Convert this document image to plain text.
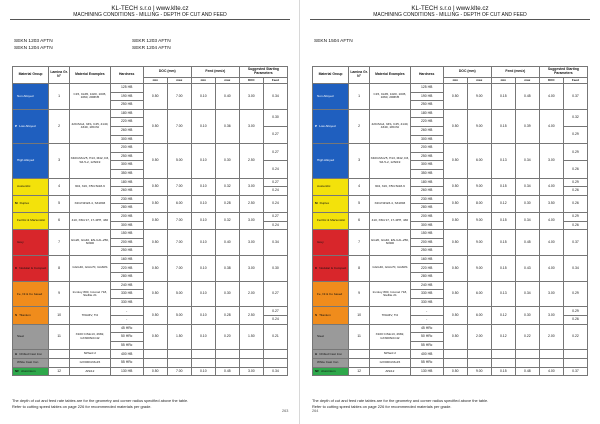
KL-TECH s.r.o | www.klte.cz
MACHINING CONDITIONS - MILLING - DEPTH OF CUT AND FEED
SEKN 1203 AFTN
SEKN 1204 AFTN
SEKR 1203 AFTN
SEKR 1204 AFTN
Material Group	Lamina Gr. N°	Material Examples	Hardness	DOC (mm)		Feed (mm/z)		Suggested Starting Parameters	
				min	max	min	max	DOC	Feed
Non Alloyed	1	C15, Ck45, 1020, 1045, 1060, 20MN5	125 HB	0.50	7.00	0.10	0.40	3.00	0.34
			190 HB						
			250 HB						
P Low Alloyed	2	42CrMo4, 34S, C45, 4140, 4340, 18CrNi	180 HB	0.50	7.00	0.10	0.36	3.00	0.30
			220 HB						
			260 HB						0.27
			300 HB						
High Alloyed	3	X40CrMoV5, H13, M42, D3, S6-5-2, 12NI19	200 HB	0.50	5.00	0.10	0.30	2.50	0.27
			250 HB						
			300 HB						0.24
			350 HB						
Austenitic	4	304, 316, X5CrNi18-9	180 HB	0.50	7.00	0.10	0.32	3.00	0.27
			260 HB						0.24
M Duplex	5	X2CrNiN23-4, S31803	230 HB	0.50	6.00	0.10	0.28	2.50	0.24
			280 HB						
Ferritic & Martensitic	6	410, X6Cr17, 17-4PH, 430	200 HB	0.50	7.00	0.10	0.32	3.00	0.27
			300 HB						0.24
Grey	7	GG20, GG40, EN-GJL-250, NI300	150 HB	0.50	7.00	0.10	0.40	3.00	0.34
			200 HB						
			250 HB						
K Nodular & Compact	8	GGG40, GGG70, GG60S	160 HB	0.50	7.00	0.10	0.38	3.00	0.30
			220 HB						
			280 HB						
Fe, Ni & Co based	9	Incoloy 800, Inconel 718, Stellite 21	240 HB	0.50	5.00	0.10	0.30	2.00	0.27
			330 HB						
			330 HB						
S Titanium	10	Ti6Al4V, Ti4	-	0.50	5.00	0.10	0.28	2.50	0.27
			-						0.24
Steel	11	X100 CrMo13, 4682, GX300NiCr42	45 HRc	0.50	1.50	0.10	0.20	1.50	0.21
			50 HRc						
			55 HRc						
H Chilled Cast Iron		NiHard 2	400 HB						
White Cast Iron		GX300CrMo15	55 HRc						
NF Aluminium	12	AlSi12	130 HB	0.50	7.00	0.10	0.45	3.00	0.34
The depth of cut and feed rate tables are for the geometry and corner radius specified above the table.
Refer to cutting speed tables on page 226 for recommended materials per grade.
263
KL-TECH s.r.o | www.klte.cz
MACHINING CONDITIONS - MILLING - DEPTH OF CUT AND FEED
SEKN 1504 AFTN
Material Group	Lamina Gr. N°	Material Examples	Hardness	DOC (mm)		Feed (mm/z)		Suggested Starting Parameters	
				min	max	min	max	DOC	Feed
Non Alloyed	1	C15, Ck45, 1020, 1045, 1060, 20MN5	125 HB	0.50	9.00	0.15	0.45	4.00	0.37
			190 HB						
			250 HB						
P Low Alloyed	2	42CrMo4, 34S, C45, 4140, 4340, 18CrNi	180 HB	0.50	9.00	0.15	0.39	4.00	0.32
			220 HB						
			260 HB						0.29
			300 HB						
High Alloyed	3	X40CrMoV5, H13, M42, D3, S6-5-2, 12NI19	200 HB	0.50	6.00	0.13	0.34	3.00	0.29
			250 HB						
			300 HB						0.26
			350 HB						
Austenitic	4	304, 316, X5CrNi18-9	180 HB	0.50	9.00	0.15	0.34	4.00	0.29
			260 HB						0.26
M Duplex	5	X2CrNiN23-4, S31803	230 HB	0.50	8.00	0.12	0.30	3.50	0.26
			280 HB						
Ferritic & Martensitic	6	410, X6Cr17, 17-4PH, 430	200 HB	0.50	9.00	0.15	0.34	4.00	0.29
			300 HB						0.26
Grey	7	GG20, GG40, EN-GJL-250, NI300	150 HB	0.50	9.00	0.15	0.45	4.00	0.37
			200 HB						
			250 HB						
K Nodular & Compact	8	GGG40, GGG70, GG60S	160 HB	0.50	9.00	0.15	0.43	4.00	0.34
			220 HB						
			280 HB						
Fe, Ni & Co based	9	Incoloy 800, Inconel 718, Stellite 21	240 HB	0.50	6.00	0.13	0.34	3.00	0.29
			330 HB						
			330 HB						
S Titanium	10	Ti6Al4V, Ti4	-	0.50	6.00	0.12	0.30	3.00	0.29
			-						0.26
Steel	11	X100 CrMo13, 4682, GX300NiCr42	45 HRc	0.50	2.00	0.12	0.22	2.00	0.22
			50 HRc						
			55 HRc						
H Chilled Cast Iron		NiHard 2	400 HB						
White Cast Iron		GX300CrMo15	55 HRc						
NF Aluminium	12	AlSi12	130 HB	0.50	9.00	0.15	0.48	4.00	0.37
The depth of cut and feed rate tables are for the geometry and corner radius specified above the table.
Refer to cutting speed tables on page 226 for recommended materials per grade.
264
